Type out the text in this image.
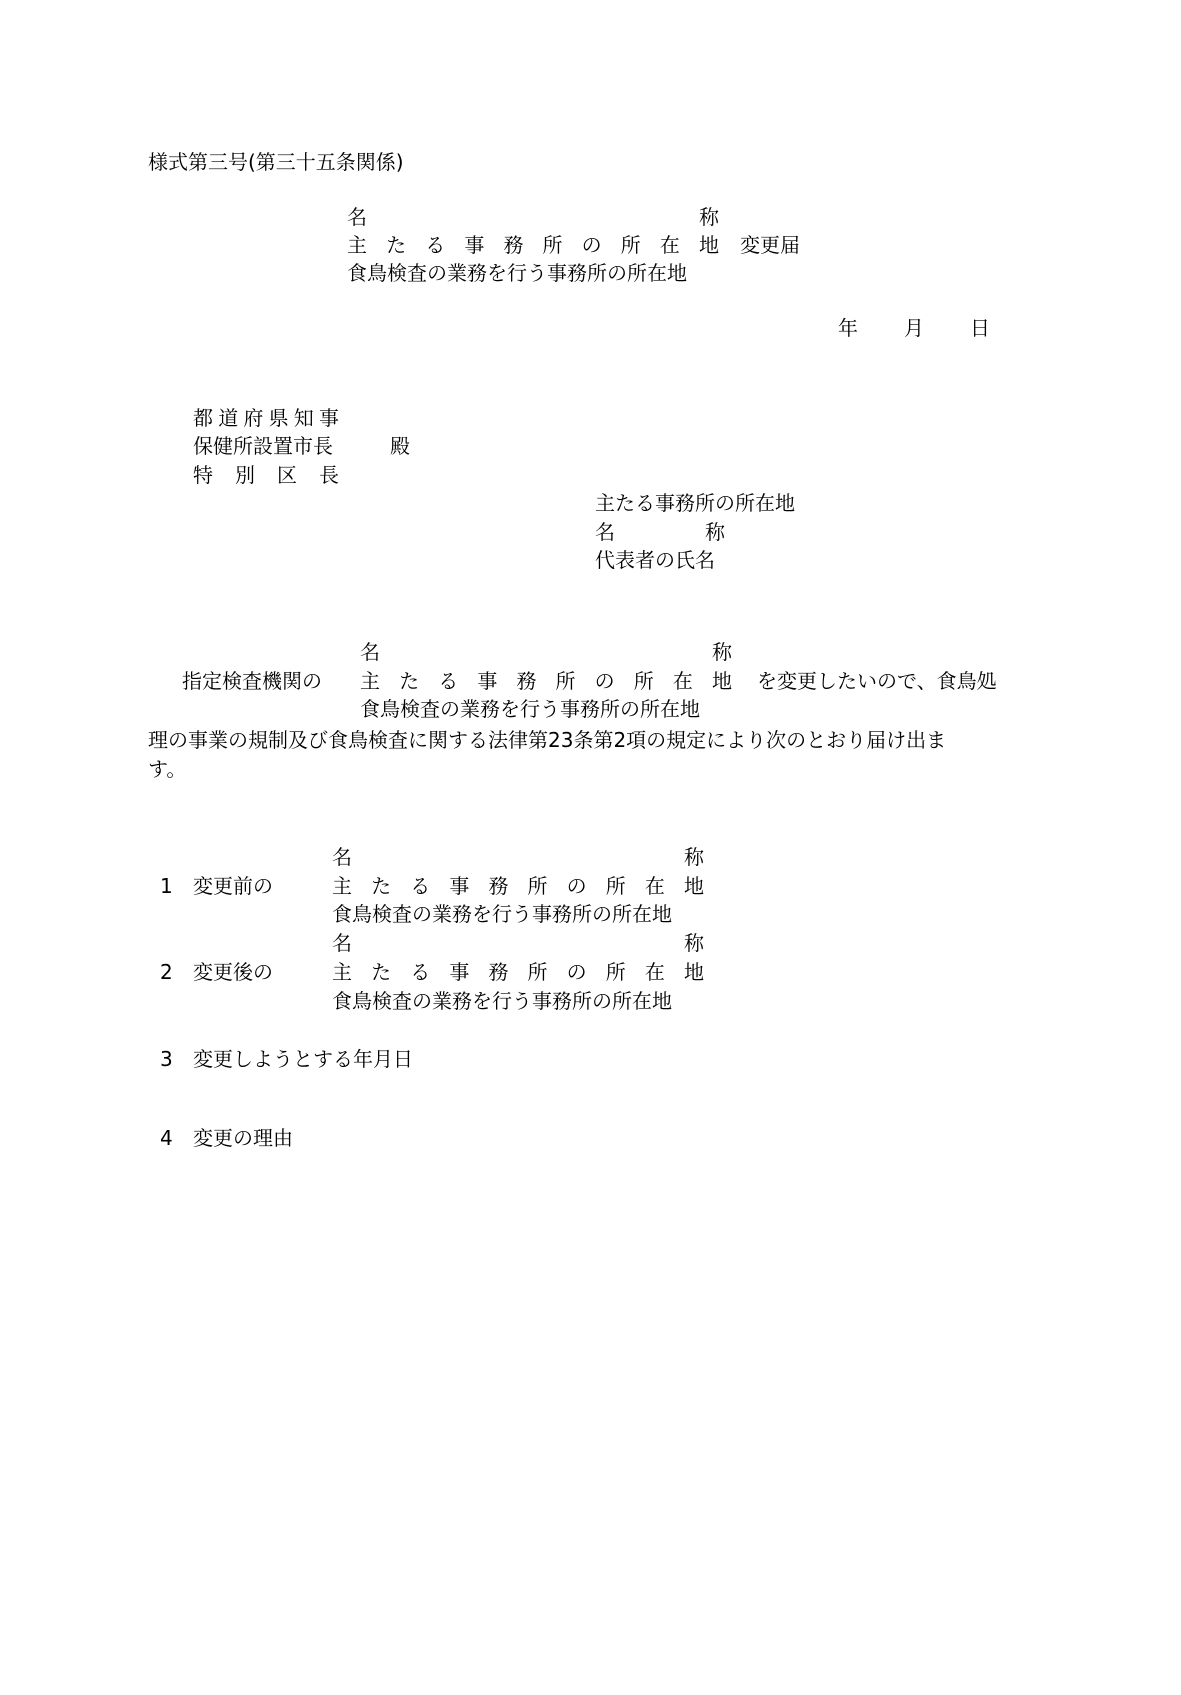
様式第三号(第三十五条関係)
名	称
主 た る 事 務 所 の 所 在 地 変更届
食鳥検査の業務を行う事務所の所在地
年 月 日
都 道 府 県 知 事
保健所設置市長	殿
特 別 区 長
主たる事務所の所在地
名	称
代表者の氏名
名	称
指定検査機関の 主 た る 事 務 所 の 所 在 地 を変更したいので、食鳥処
食鳥検査の業務を行う事務所の所在地
理の事業の規制及び食鳥検査に関する法律第23条第2項の規定により次のとおり届け出ま
す。
名	称
1 変更前の	主 た る 事 務 所 の 所 在 地
食鳥検査の業務を行う事務所の所在地
名	称
2 変更後の	主 た る 事 務 所 の 所 在 地
食鳥検査の業務を行う事務所の所在地
3 変更しようとする年月日
4 変更の理由
